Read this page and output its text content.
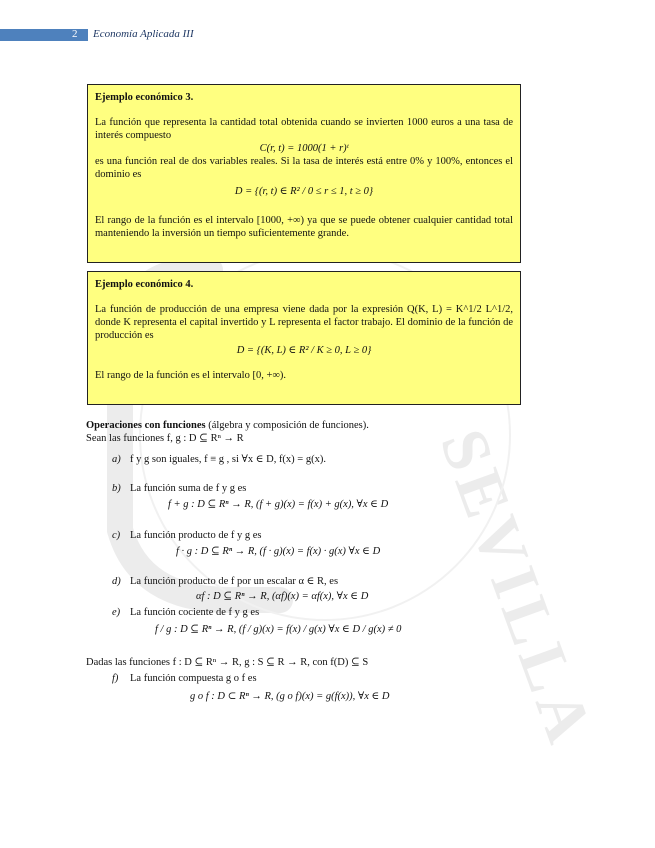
SEVILLA
2 Economía Aplicada III

Ejemplo económico 3.

La función que representa la cantidad total obtenida cuando se invierten 1000 euros a una tasa de interés compuesto

C(r, t) = 1000(1 + r)ᵗ

es una función real de dos variables reales. Si la tasa de interés está entre 0% y 100%, entonces el dominio es

D = {(r, t) ∈ R² / 0 ≤ r ≤ 1, t ≥ 0}

El rango de la función es el intervalo [1000, +∞) ya que se puede obtener cualquier cantidad total manteniendo la inversión un tiempo suficientemente grande.

Ejemplo económico 4.

La función de producción de una empresa viene dada por la expresión Q(K, L) = K^1/2 L^1/2, donde K representa el capital invertido y L representa el factor trabajo. El dominio de la función de producción es

D = {(K, L) ∈ R² / K ≥ 0, L ≥ 0}

El rango de la función es el intervalo [0, +∞).

Operaciones con funciones (álgebra y composición de funciones).

Sean las funciones f, g : D ⊆ Rⁿ → R

a) f y g son iguales, f ≡ g , si ∀x ∈ D, f(x) = g(x).
b) La función suma de f y g es
f + g : D ⊆ Rⁿ → R, (f + g)(x) = f(x) + g(x), ∀x ∈ D
c) La función producto de f y g es
f · g : D ⊆ Rⁿ → R, (f · g)(x) = f(x) · g(x) ∀x ∈ D
d) La función producto de f por un escalar α ∈ R, es
αf : D ⊆ Rⁿ → R, (αf)(x) = αf(x), ∀x ∈ D
e) La función cociente de f y g es
f / g : D ⊆ Rⁿ → R, (f / g)(x) = f(x) / g(x) ∀x ∈ D / g(x) ≠ 0

Dadas las funciones f : D ⊆ Rⁿ → R, g : S ⊆ R → R, con f(D) ⊆ S

f) La función compuesta g o f es
g o f : D ⊂ Rⁿ → R, (g o f)(x) = g(f(x)), ∀x ∈ D
